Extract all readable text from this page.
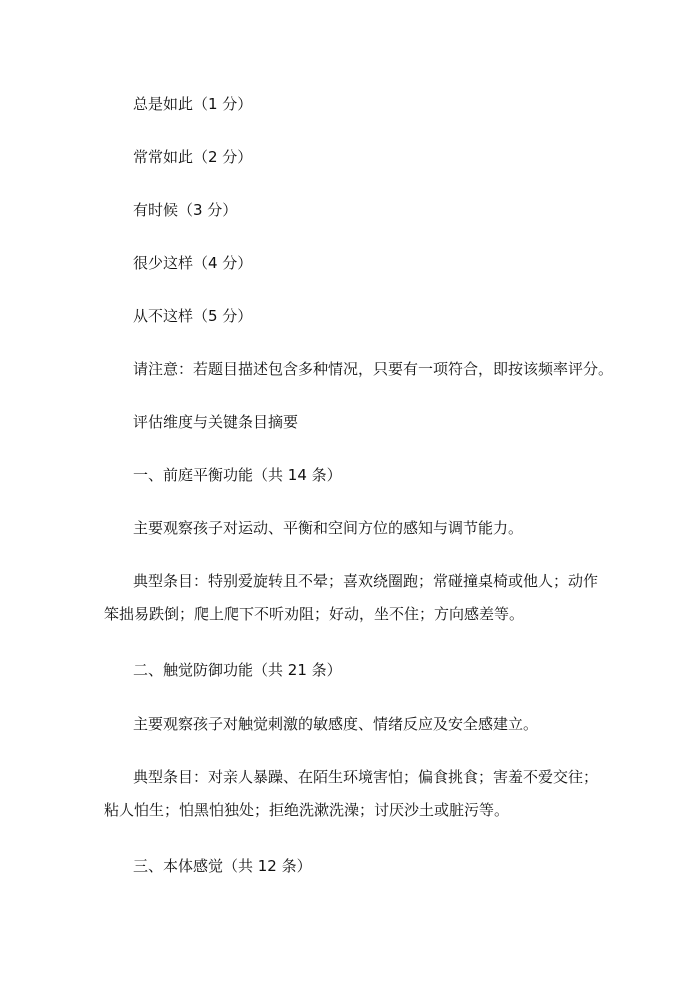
总是如此（1 分）

常常如此（2 分）

有时候（3 分）

很少这样（4 分）

从不这样（5 分）

请注意：若题目描述包含多种情况，只要有一项符合，即按该频率评分。

评估维度与关键条目摘要

一、前庭平衡功能（共 14 条）

主要观察孩子对运动、平衡和空间方位的感知与调节能力。

典型条目：特别爱旋转且不晕；喜欢绕圈跑；常碰撞桌椅或他人；动作笨拙易跌倒；爬上爬下不听劝阻；好动，坐不住；方向感差等。

二、触觉防御功能（共 21 条）

主要观察孩子对触觉刺激的敏感度、情绪反应及安全感建立。

典型条目：对亲人暴躁、在陌生环境害怕；偏食挑食；害羞不爱交往；粘人怕生；怕黑怕独处；拒绝洗漱洗澡；讨厌沙土或脏污等。

三、本体感觉（共 12 条）
